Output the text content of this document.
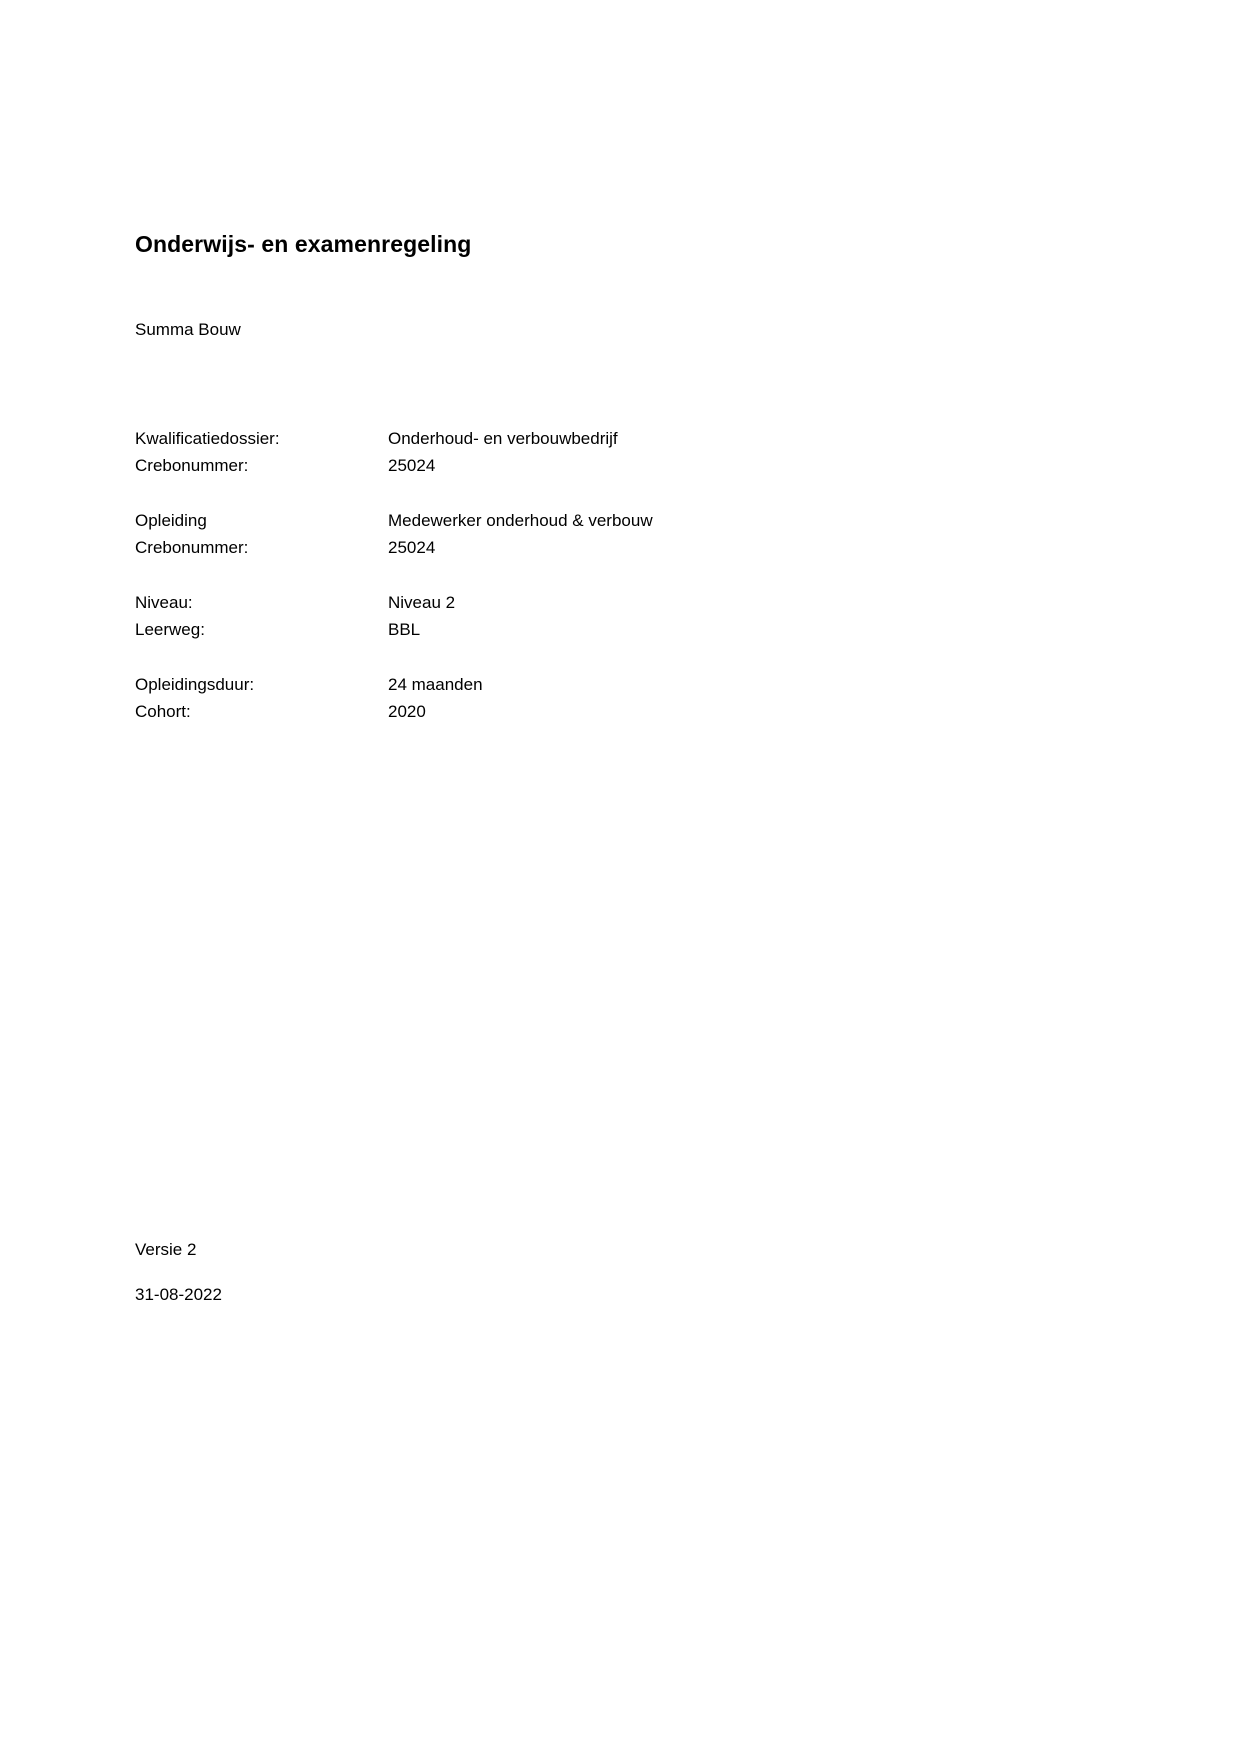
Onderwijs- en examenregeling
Summa Bouw
Kwalificatiedossier:	Onderhoud- en verbouwbedrijf
Crebonummer:	25024
Opleiding	Medewerker onderhoud & verbouw
Crebonummer:	25024
Niveau:	Niveau 2
Leerweg:	BBL
Opleidingsduur:	24 maanden
Cohort:	2020
Versie 2
31-08-2022
